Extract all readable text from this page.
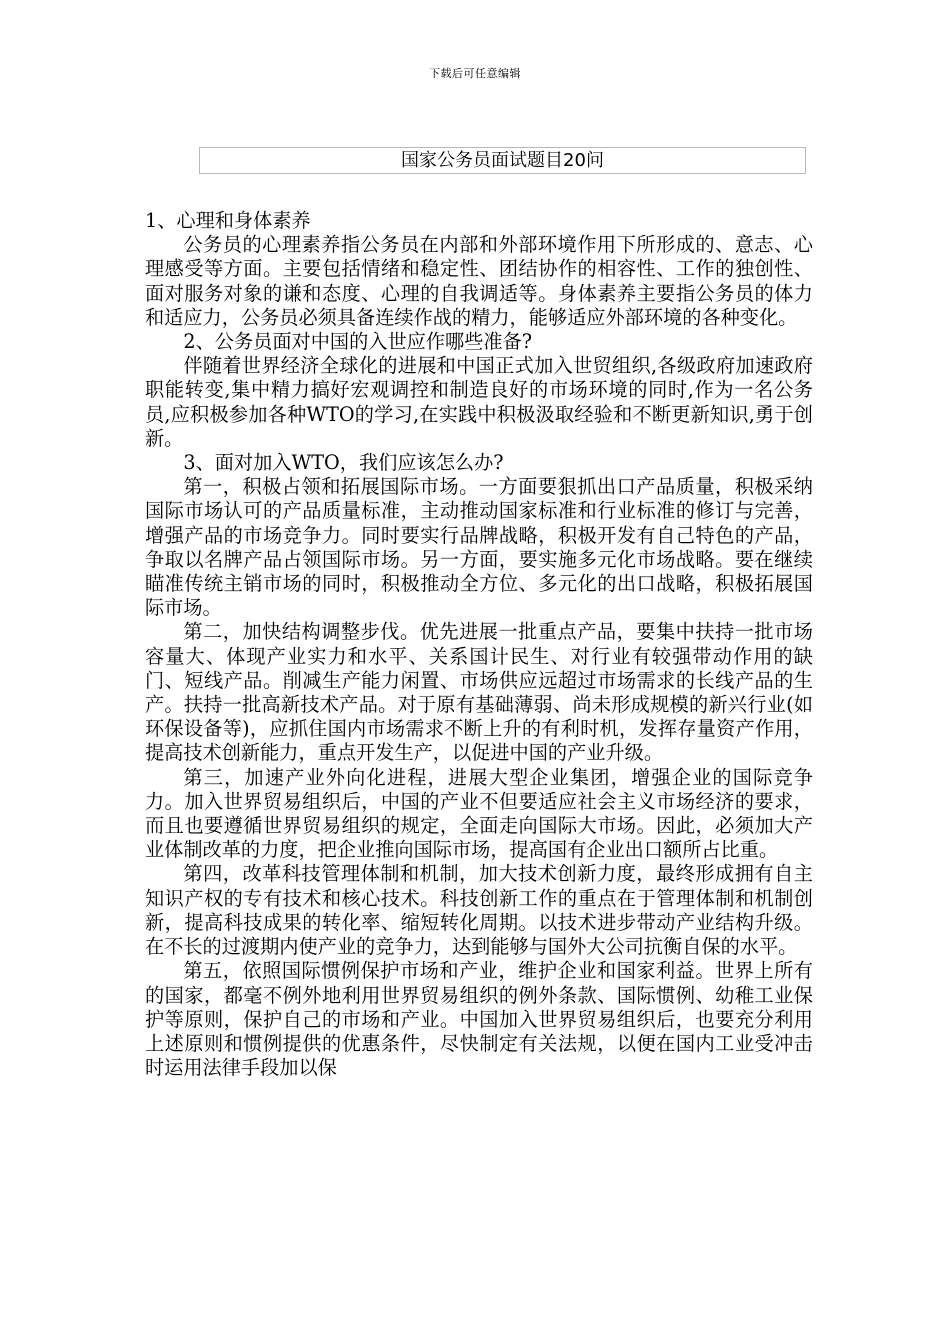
下载后可任意编辑
国家公务员面试题目20问

1、心理和身体素养

公务员的心理素养指公务员在内部和外部环境作用下所形成的、意志、心理感受等方面。主要包括情绪和稳定性、团结协作的相容性、工作的独创性、面对服务对象的谦和态度、心理的自我调适等。身体素养主要指公务员的体力和适应力，公务员必须具备连续作战的精力，能够适应外部环境的各种变化。

2、公务员面对中国的入世应作哪些准备?

伴随着世界经济全球化的进展和中国正式加入世贸组织,各级政府加速政府职能转变,集中精力搞好宏观调控和制造良好的市场环境的同时,作为一名公务员,应积极参加各种WTO的学习,在实践中积极汲取经验和不断更新知识,勇于创新。

3、面对加入WTO，我们应该怎么办?

第一，积极占领和拓展国际市场。一方面要狠抓出口产品质量，积极采纳国际市场认可的产品质量标准，主动推动国家标准和行业标准的修订与完善，增强产品的市场竞争力。同时要实行品牌战略，积极开发有自己特色的产品，争取以名牌产品占领国际市场。另一方面，要实施多元化市场战略。要在继续瞄准传统主销市场的同时，积极推动全方位、多元化的出口战略，积极拓展国际市场。

第二，加快结构调整步伐。优先进展一批重点产品，要集中扶持一批市场容量大、体现产业实力和水平、关系国计民生、对行业有较强带动作用的缺门、短线产品。削减生产能力闲置、市场供应远超过市场需求的长线产品的生产。扶持一批高新技术产品。对于原有基础薄弱、尚未形成规模的新兴行业(如环保设备等)，应抓住国内市场需求不断上升的有利时机，发挥存量资产作用，提高技术创新能力，重点开发生产，以促进中国的产业升级。

第三，加速产业外向化进程，进展大型企业集团，增强企业的国际竞争力。加入世界贸易组织后，中国的产业不但要适应社会主义市场经济的要求，而且也要遵循世界贸易组织的规定，全面走向国际大市场。因此，必须加大产业体制改革的力度，把企业推向国际市场，提高国有企业出口额所占比重。

第四，改革科技管理体制和机制，加大技术创新力度，最终形成拥有自主知识产权的专有技术和核心技术。科技创新工作的重点在于管理体制和机制创新，提高科技成果的转化率、缩短转化周期。以技术进步带动产业结构升级。在不长的过渡期内使产业的竞争力，达到能够与国外大公司抗衡自保的水平。

第五，依照国际惯例保护市场和产业，维护企业和国家利益。世界上所有的国家，都毫不例外地利用世界贸易组织的例外条款、国际惯例、幼稚工业保护等原则，保护自己的市场和产业。中国加入世界贸易组织后，也要充分利用上述原则和惯例提供的优惠条件，尽快制定有关法规，以便在国内工业受冲击时运用法律手段加以保
